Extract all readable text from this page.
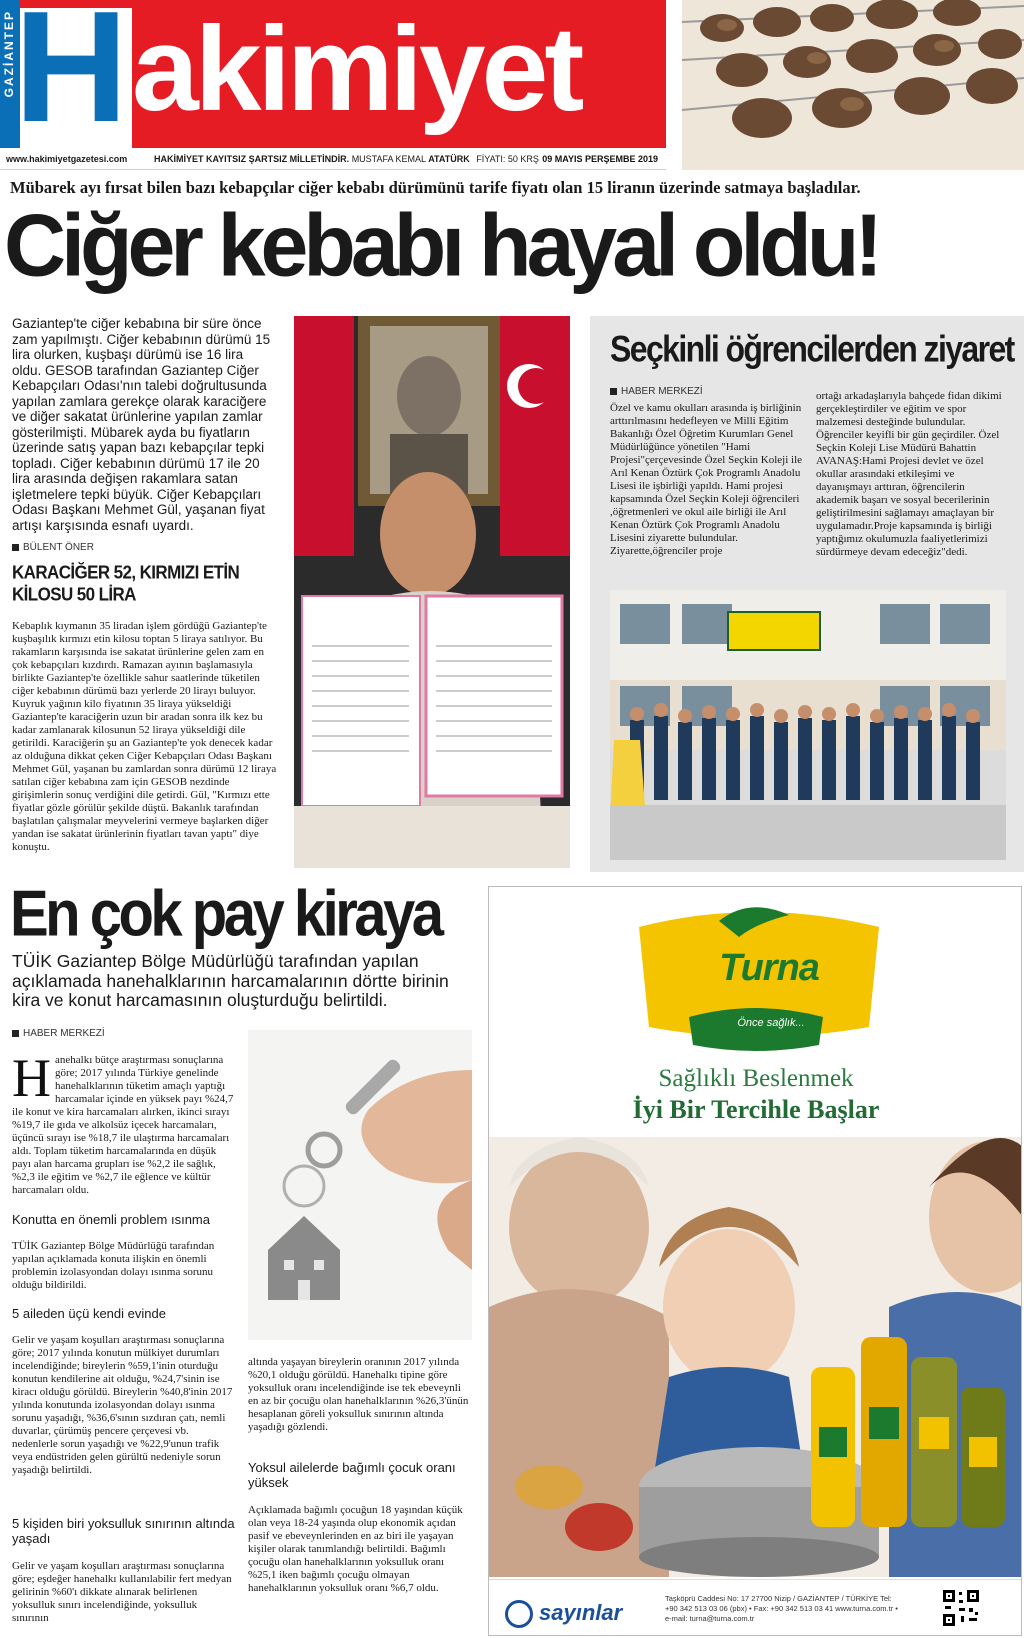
GAZİANTEP
H akimiyet
www.hakimiyetgazetesi.com	HAKİMİYET KAYITSIZ ŞARTSIZ MİLLETİNDİR. MUSTAFA KEMAL ATATÜRK FİYATI: 50 KRŞ 09 MAYIS PERŞEMBE 2019
Mübarek ayı fırsat bilen bazı kebapçılar ciğer kebabı dürümünü tarife fiyatı olan 15 liranın üzerinde satmaya başladılar.
Ciğer kebabı hayal oldu!
Gaziantep'te ciğer kebabına bir süre önce zam yapılmıştı. Ciğer kebabının dürümü 15 lira olurken, kuşbaşı dürümü ise 16 lira oldu. GESOB tarafından Gaziantep Ciğer Kebapçıları Odası'nın talebi doğrultusunda yapılan zamlara gerekçe olarak karaciğere ve diğer sakatat ürünlerine yapılan zamlar gösterilmişti. Mübarek ayda bu fiyatların üzerinde satış yapan bazı kebapçılar tepki topladı. Ciğer kebabının dürümü 17 ile 20 lira arasında değişen rakamlara satan işletmelere tepki büyük. Ciğer Kebapçıları Odası Başkanı Mehmet Gül, yaşanan fiyat artışı karşısında esnafı uyardı.
BÜLENT ÖNER
KARACİĞER 52, KIRMIZI ETİN KİLOSU 50 LİRA
Kebaplık kıymanın 35 liradan işlem gördüğü Gaziantep'te kuşbaşılık kırmızı etin kilosu toptan 5 liraya satılıyor. Bu rakamların karşısında ise sakatat ürünlerine gelen zam en çok kebapçıları kızdırdı. Ramazan ayının başlamasıyla birlikte Gaziantep'te özellikle sahur saatlerinde tüketilen ciğer kebabının dürümü bazı yerlerde 20 lirayı buluyor. Kuyruk yağının kilo fiyatının 35 liraya yükseldiği Gaziantep'te karaciğerin uzun bir aradan sonra ilk kez bu kadar zamlanarak kilosunun 52 liraya yükseldiği dile getirildi. Karaciğerin şu an Gaziantep'te yok denecek kadar az olduğuna dikkat çeken Ciğer Kebapçıları Odası Başkanı Mehmet Gül, yaşanan bu zamlardan sonra dürümü 12 liraya satılan ciğer kebabına zam için GESOB nezdinde girişimlerin sonuç verdiğini dile getirdi. Gül, "Kırmızı ette fiyatlar gözle görülür şekilde düştü. Bakanlık tarafından başlatılan çalışmalar meyvelerini vermeye başlarken diğer yandan ise sakatat ürünlerinin fiyatları tavan yaptı" diye konuştu.
Seçkinli öğrencilerden ziyaret
HABER MERKEZİ
Özel ve kamu okulları arasında iş birliğinin arttırılmasını hedefleyen ve Milli Eğitim Bakanlığı Özel Öğretim Kurumları Genel Müdürlüğünce yönetilen "Hami Projesi"çerçevesinde Özel Seçkin Koleji ile Arıl Kenan Öztürk Çok Programlı Anadolu Lisesi ile işbirliği yapıldı. Hami projesi kapsamında Özel Seçkin Koleji öğrencileri ,öğretmenleri ve okul aile birliği ile Arıl Kenan Öztürk Çok Programlı Anadolu Lisesini ziyarette bulundular. Ziyarette,öğrenciler proje
ortağı arkadaşlarıyla bahçede fidan dikimi gerçekleştirdiler ve eğitim ve spor malzemesi desteğinde bulundular. Öğrenciler keyifli bir gün geçirdiler. Özel Seçkin Koleji Lise Müdürü Bahattin AVANAŞ:Hami Projesi devlet ve özel okullar arasındaki etkileşimi ve dayanışmayı arttıran, öğrencilerin akademik başarı ve sosyal becerilerinin geliştirilmesini sağlamayı amaçlayan bir uygulamadır.Proje kapsamında iş birliği yaptığımız okulumuzla faaliyetlerimizi sürdürmeye devam edeceğiz"dedi.
En çok pay kiraya
TÜİK Gaziantep Bölge Müdürlüğü tarafından yapılan açıklamada hanehalklarının harcamalarının dörtte birinin kira ve konut harcamasının oluşturduğu belirtildi.
HABER MERKEZİ
Hanehalkı bütçe araştırması sonuçlarına göre; 2017 yılında Türkiye genelinde hanehalklarının tüketim amaçlı yaptığı harcamalar içinde en yüksek payı %24,7 ile konut ve kira harcamaları alırken, ikinci sırayı %19,7 ile gıda ve alkolsüz içecek harcamaları, üçüncü sırayı ise %18,7 ile ulaştırma harcamaları aldı. Toplam tüketim harcamalarında en düşük payı alan harcama grupları ise %2,2 ile sağlık, %2,3 ile eğitim ve %2,7 ile eğlence ve kültür harcamaları oldu.
Konutta en önemli problem ısınma
TÜİK Gaziantep Bölge Müdürlüğü tarafından yapılan açıklamada konuta ilişkin en önemli problemin izolasyondan dolayı ısınma sorunu olduğu bildirildi.
5 aileden üçü kendi evinde
Gelir ve yaşam koşulları araştırması sonuçlarına göre; 2017 yılında konutun mülkiyet durumları incelendiğinde; bireylerin %59,1'inin oturduğu konutun kendilerine ait olduğu, %24,7'sinin ise kiracı olduğu görüldü. Bireylerin %40,8'inin 2017 yılında konutunda izolasyondan dolayı ısınma sorunu yaşadığı, %36,6'sının sızdıran çatı, nemli duvarlar, çürümüş pencere çerçevesi vb. nedenlerle sorun yaşadığı ve %22,9'unun trafik veya endüstriden gelen gürültü nedeniyle sorun yaşadığı belirtildi.
5 kişiden biri yoksulluk sınırının altında yaşadı
Gelir ve yaşam koşulları araştırması sonuçlarına göre; eşdeğer hanehalkı kullanılabilir fert medyan gelirinin %60'ı dikkate alınarak belirlenen yoksulluk sınırı incelendiğinde, yoksulluk sınırının
altında yaşayan bireylerin oranının 2017 yılında %20,1 olduğu görüldü. Hanehalkı tipine göre yoksulluk oranı incelendiğinde ise tek ebeveynli en az bir çocuğu olan hanehalklarının %26,3'ünün hesaplanan göreli yoksulluk sınırının altında yaşadığı gözlendi.
Yoksul ailelerde bağımlı çocuk oranı yüksek
Açıklamada bağımlı çocuğun 18 yaşından küçük olan veya 18-24 yaşında olup ekonomik açıdan pasif ve ebeveynlerinden en az biri ile yaşayan kişiler olarak tanımlandığı belirtildi. Bağımlı çocuğu olan hanehalklarının yoksulluk oranı %25,1 iken bağımlı çocuğu olmayan hanehalklarının yoksulluk oranı %6,7 oldu.
Turna
Önce sağlık...
Sağlıklı Beslenmek
İyi Bir Tercihle Başlar
sayınlar
Taşköprü Caddesi No: 17 27700 Nizip / GAZİANTEP / TÜRKİYE Tel: +90 342 513 03 06 (pbx) • Fax: +90 342 513 03 41 www.turna.com.tr • e-mail: turna@turna.com.tr
